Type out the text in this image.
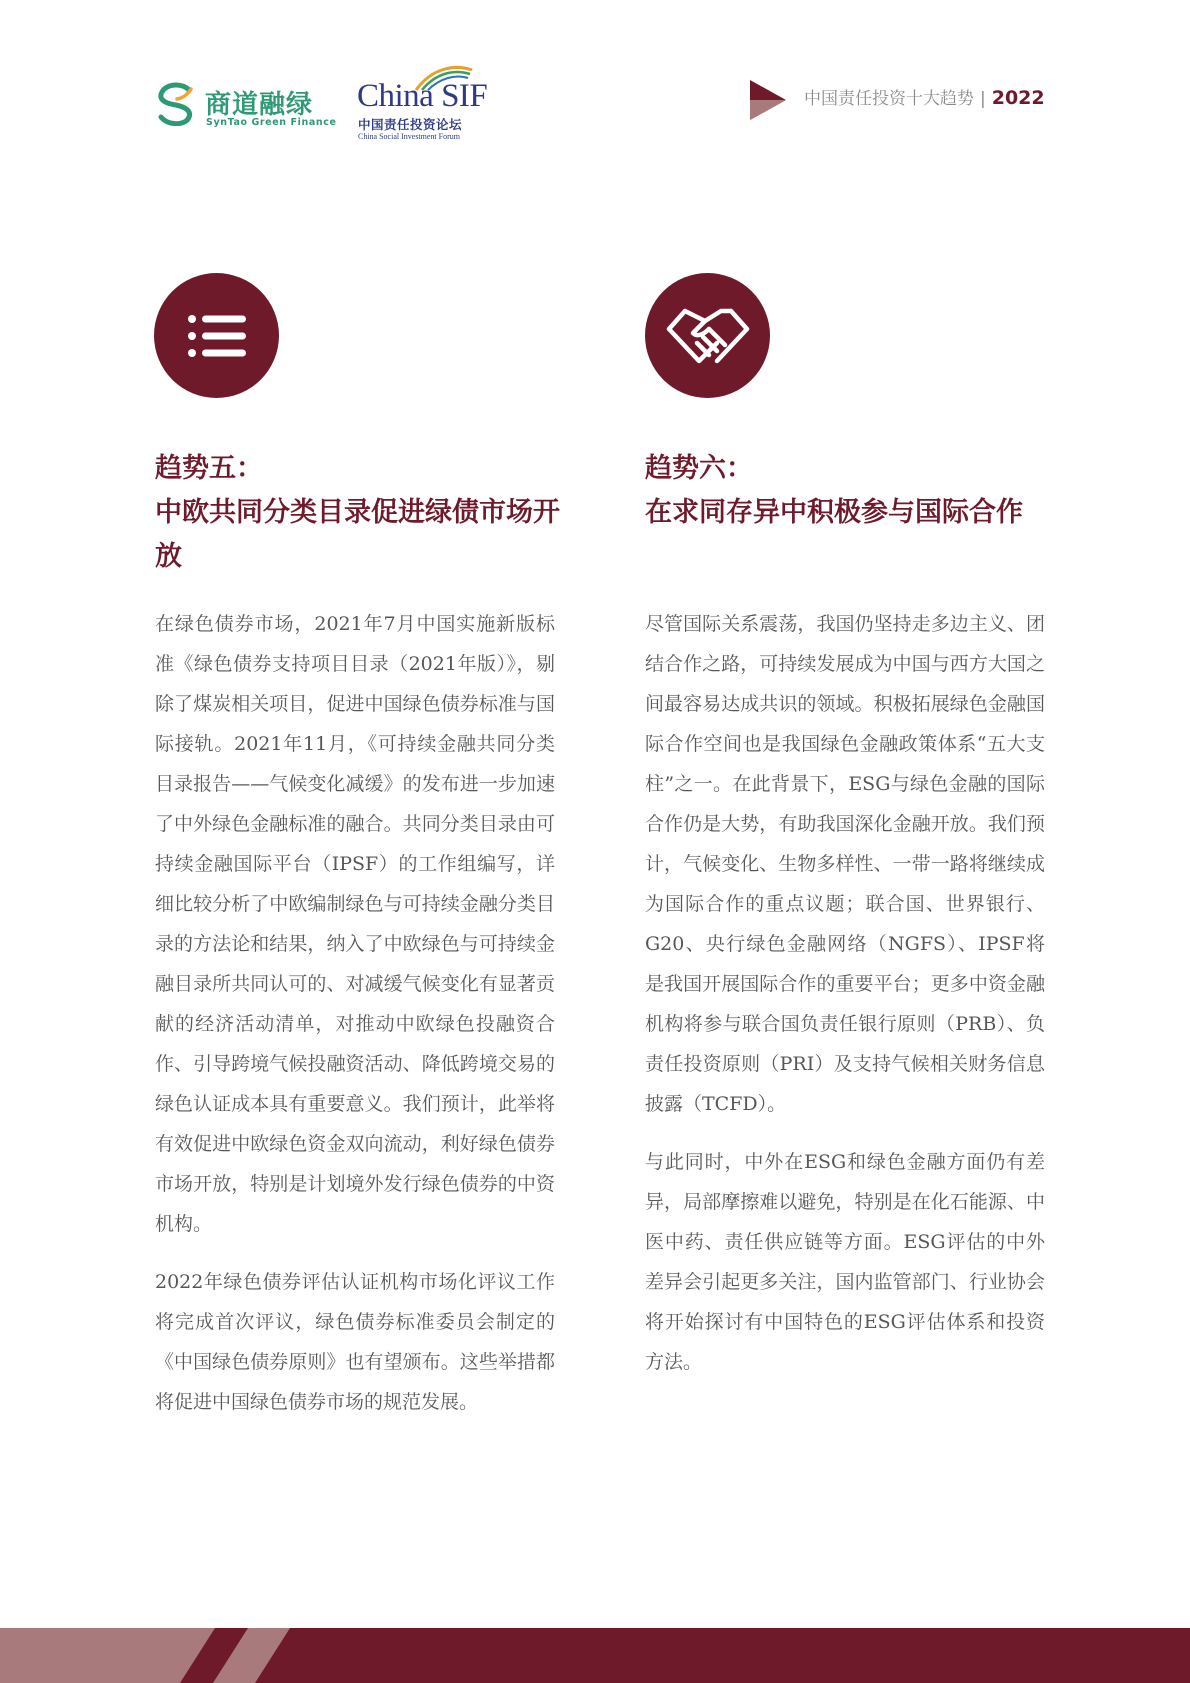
商道融绿
SynTao Green Finance
China SIF
中国责任投资论坛
China Social Investment Forum
中国责任投资十大趋势 | 2022
趋势五：
中欧共同分类目录促进绿债市场开放
趋势六：
在求同存异中积极参与国际合作

在绿色债券市场，2021年7月中国实施新版标准《绿色债券支持项目目录（2021年版）》，剔除了煤炭相关项目，促进中国绿色债券标准与国际接轨。2021年11月，《可持续金融共同分类目录报告——气候变化减缓》的发布进一步加速了中外绿色金融标准的融合。共同分类目录由可持续金融国际平台（IPSF）的工作组编写，详细比较分析了中欧编制绿色与可持续金融分类目录的方法论和结果，纳入了中欧绿色与可持续金融目录所共同认可的、对减缓气候变化有显著贡献的经济活动清单，对推动中欧绿色投融资合作、引导跨境气候投融资活动、降低跨境交易的绿色认证成本具有重要意义。我们预计，此举将有效促进中欧绿色资金双向流动，利好绿色债券市场开放，特别是计划境外发行绿色债券的中资机构。

2022年绿色债券评估认证机构市场化评议工作将完成首次评议，绿色债券标准委员会制定的《中国绿色债券原则》也有望颁布。这些举措都将促进中国绿色债券市场的规范发展。

尽管国际关系震荡，我国仍坚持走多边主义、团结合作之路，可持续发展成为中国与西方大国之间最容易达成共识的领域。积极拓展绿色金融国际合作空间也是我国绿色金融政策体系“五大支柱”之一。在此背景下，ESG与绿色金融的国际合作仍是大势，有助我国深化金融开放。我们预计，气候变化、生物多样性、一带一路将继续成为国际合作的重点议题；联合国、世界银行、G20、央行绿色金融网络（NGFS）、IPSF将是我国开展国际合作的重要平台；更多中资金融机构将参与联合国负责任银行原则（PRB）、负责任投资原则（PRI）及支持气候相关财务信息披露（TCFD）。

与此同时，中外在ESG和绿色金融方面仍有差异，局部摩擦难以避免，特别是在化石能源、中医中药、责任供应链等方面。ESG评估的中外差异会引起更多关注，国内监管部门、行业协会将开始探讨有中国特色的ESG评估体系和投资方法。
